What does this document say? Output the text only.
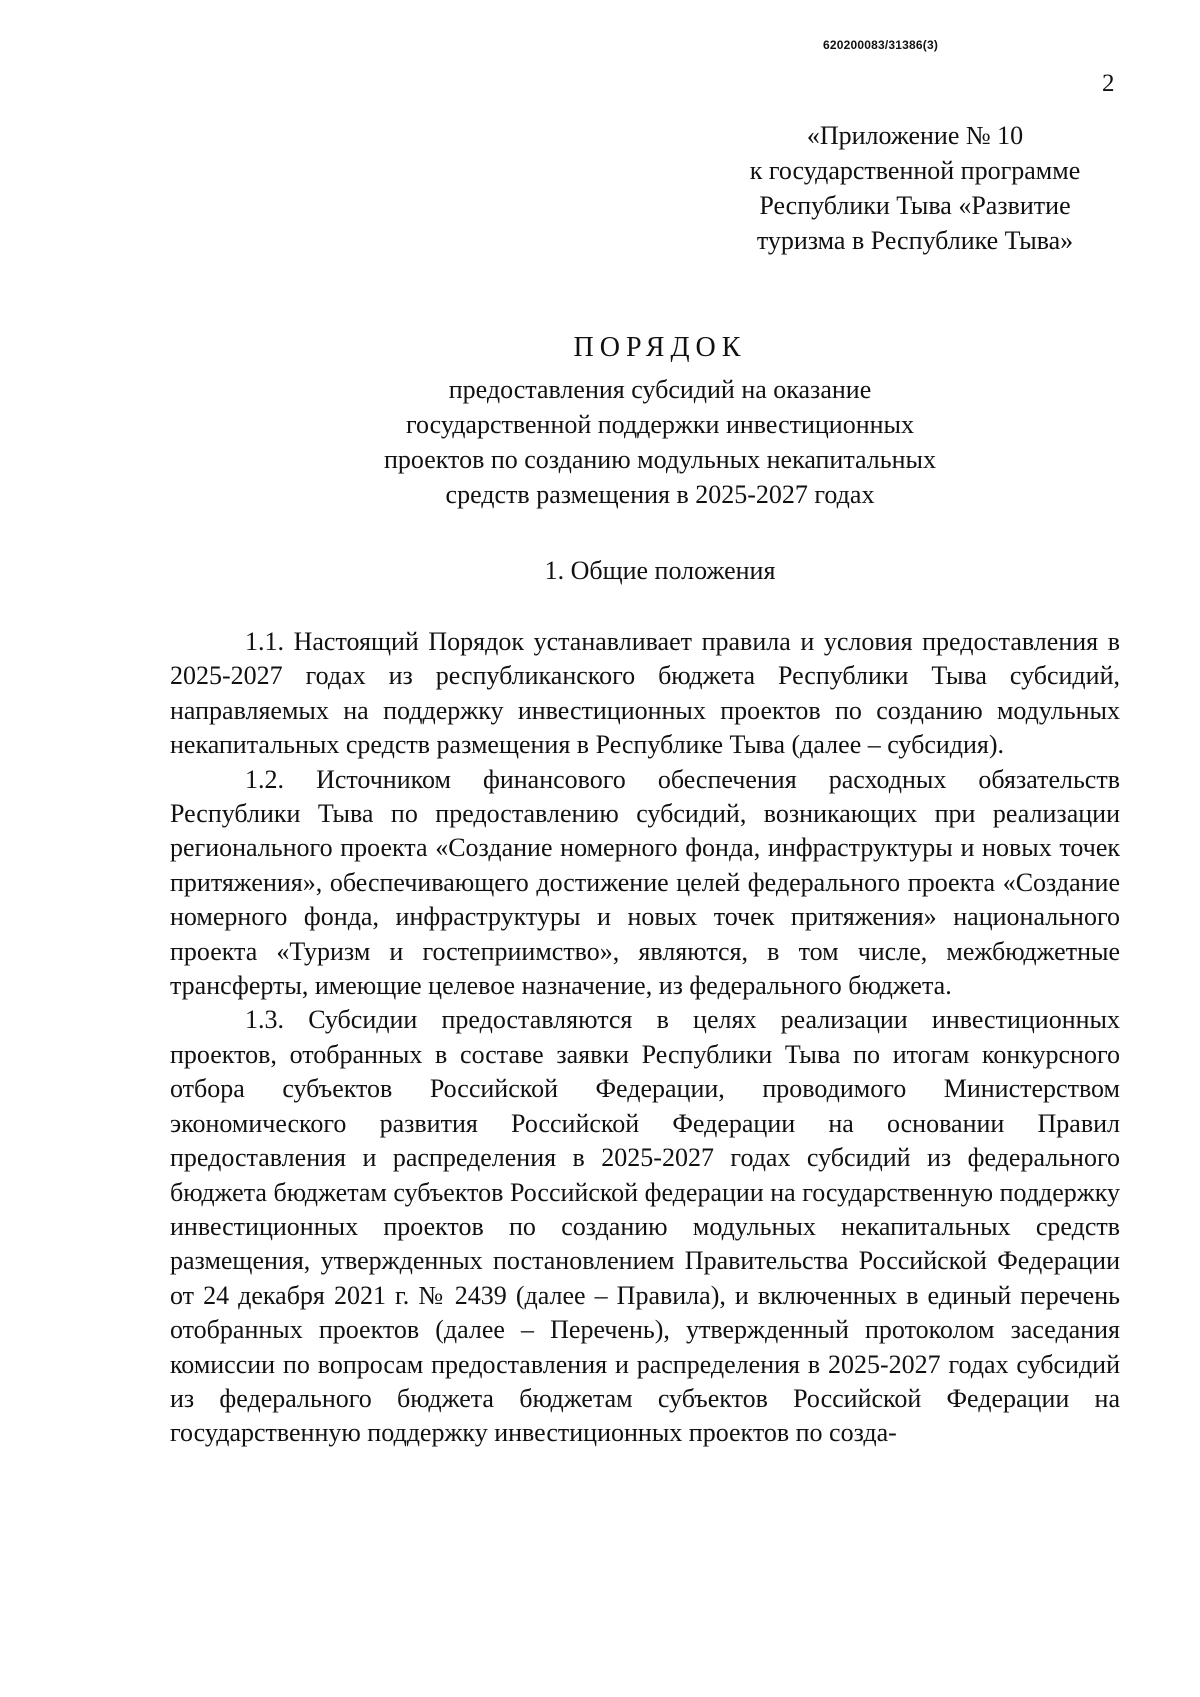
620200083/31386(3)
2
«Приложение № 10
к государственной программе
Республики Тыва «Развитие
туризма в Республике Тыва»
ПОРЯДОК
предоставления субсидий на оказание
государственной поддержки инвестиционных
проектов по созданию модульных некапитальных
средств размещения в 2025-2027 годах
1. Общие положения

1.1. Настоящий Порядок устанавливает правила и условия предоставления в 2025-2027 годах из республиканского бюджета Республики Тыва субсидий, направляемых на поддержку инвестиционных проектов по созданию модульных некапитальных средств размещения в Республике Тыва (далее – субсидия).

1.2. Источником финансового обеспечения расходных обязательств Республики Тыва по предоставлению субсидий, возникающих при реализации регионального проекта «Создание номерного фонда, инфраструктуры и новых точек притяжения», обеспечивающего достижение целей федерального проекта «Создание номерного фонда, инфраструктуры и новых точек притяжения» национального проекта «Туризм и гостеприимство», являются, в том числе, межбюджетные трансферты, имеющие целевое назначение, из федерального бюджета.

1.3. Субсидии предоставляются в целях реализации инвестиционных проектов, отобранных в составе заявки Республики Тыва по итогам конкурсного отбора субъектов Российской Федерации, проводимого Министерством экономического развития Российской Федерации на основании Правил предоставления и распределения в 2025-2027 годах субсидий из федерального бюджета бюджетам субъектов Российской федерации на государственную поддержку инвестиционных проектов по созданию модульных некапитальных средств размещения, утвержденных постановлением Правительства Российской Федерации от 24 декабря 2021 г. № 2439 (далее – Правила), и включенных в единый перечень отобранных проектов (далее – Перечень), утвержденный протоколом заседания комиссии по вопросам предоставления и распределения в 2025-2027 годах субсидий из федерального бюджета бюджетам субъектов Российской Федерации на государственную поддержку инвестиционных проектов по созда-
